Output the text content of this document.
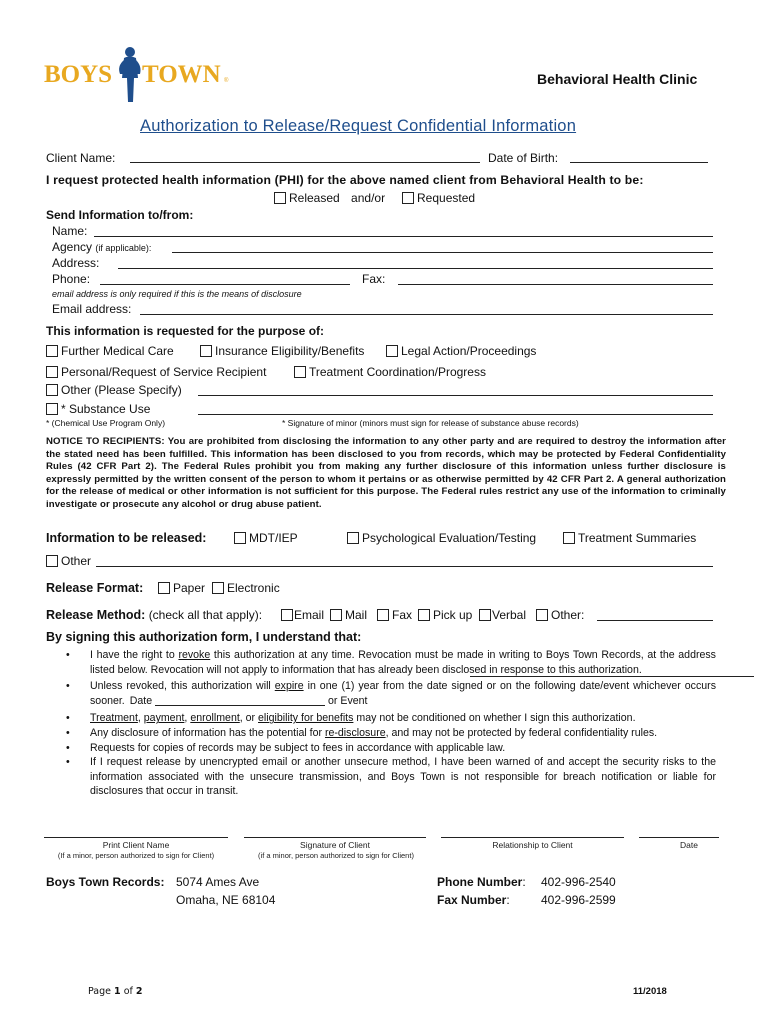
BOYS TOWN ®	Behavioral Health Clinic
Authorization to Release/Request Confidential Information
Client Name:	Date of Birth:
I request protected health information (PHI) for the above named client from Behavioral Health to be:
Released and/or	Requested
Send Information to/from:
Name:
Agency (if applicable):
Address:
Phone:	Fax:
email address is only required if this is the means of disclosure
Email address:
This information is requested for the purpose of:
Further Medical Care	Insurance Eligibility/Benefits	Legal Action/Proceedings
Personal/Request of Service Recipient	Treatment Coordination/Progress
Other (Please Specify)
* Substance Use
* (Chemical Use Program Only)	* Signature of minor (minors must sign for release of substance abuse records)
NOTICE TO RECIPIENTS: You are prohibited from disclosing the information to any other party and are required to destroy the information after the stated need has been fulfilled. This information has been disclosed to you from records, which may be protected by Federal Confidentiality Rules (42 CFR Part 2). The Federal Rules prohibit you from making any further disclosure of this information unless further disclosure is expressly permitted by the written consent of the person to whom it pertains or as otherwise permitted by 42 CFR Part 2. A general authorization for the release of medical or other information is not sufficient for this purpose. The Federal rules restrict any use of the information to criminally investigate or prosecute any alcohol or drug abuse patient.
Information to be released:	MDT/IEP	Psychological Evaluation/Testing	Treatment Summaries
Other
Release Format:	Paper	Electronic
Release Method: (check all that apply):	Email	Mail	Fax	Pick up	Verbal	Other:
By signing this authorization form, I understand that:
• I have the right to revoke this authorization at any time. Revocation must be made in writing to Boys Town Records, at the address listed below. Revocation will not apply to information that has already been disclosed in response to this authorization.
• Unless revoked, this authorization will expire in one (1) year from the date signed or on the following date/event whichever occurs sooner. Date	or Event
• Treatment, payment, enrollment, or eligibility for benefits may not be conditioned on whether I sign this authorization.
• Any disclosure of information has the potential for re-disclosure, and may not be protected by federal confidentiality rules.
• Requests for copies of records may be subject to fees in accordance with applicable law.
• If I request release by unencrypted email or another unsecure method, I have been warned of and accept the security risks to the information associated with the unsecure transmission, and Boys Town is not responsible for breach notification or liable for disclosures that occur in transit.
Print Client Name
(If a minor, person authorized to sign for Client)
Signature of Client
(if a minor, person authorized to sign for Client)
Relationship to Client	Date
Boys Town Records: 5074 Ames Ave
Omaha, NE 68104
Phone Number: 402-996-2540
Fax Number:	402-996-2599
Page 1 of 2	11/2018
